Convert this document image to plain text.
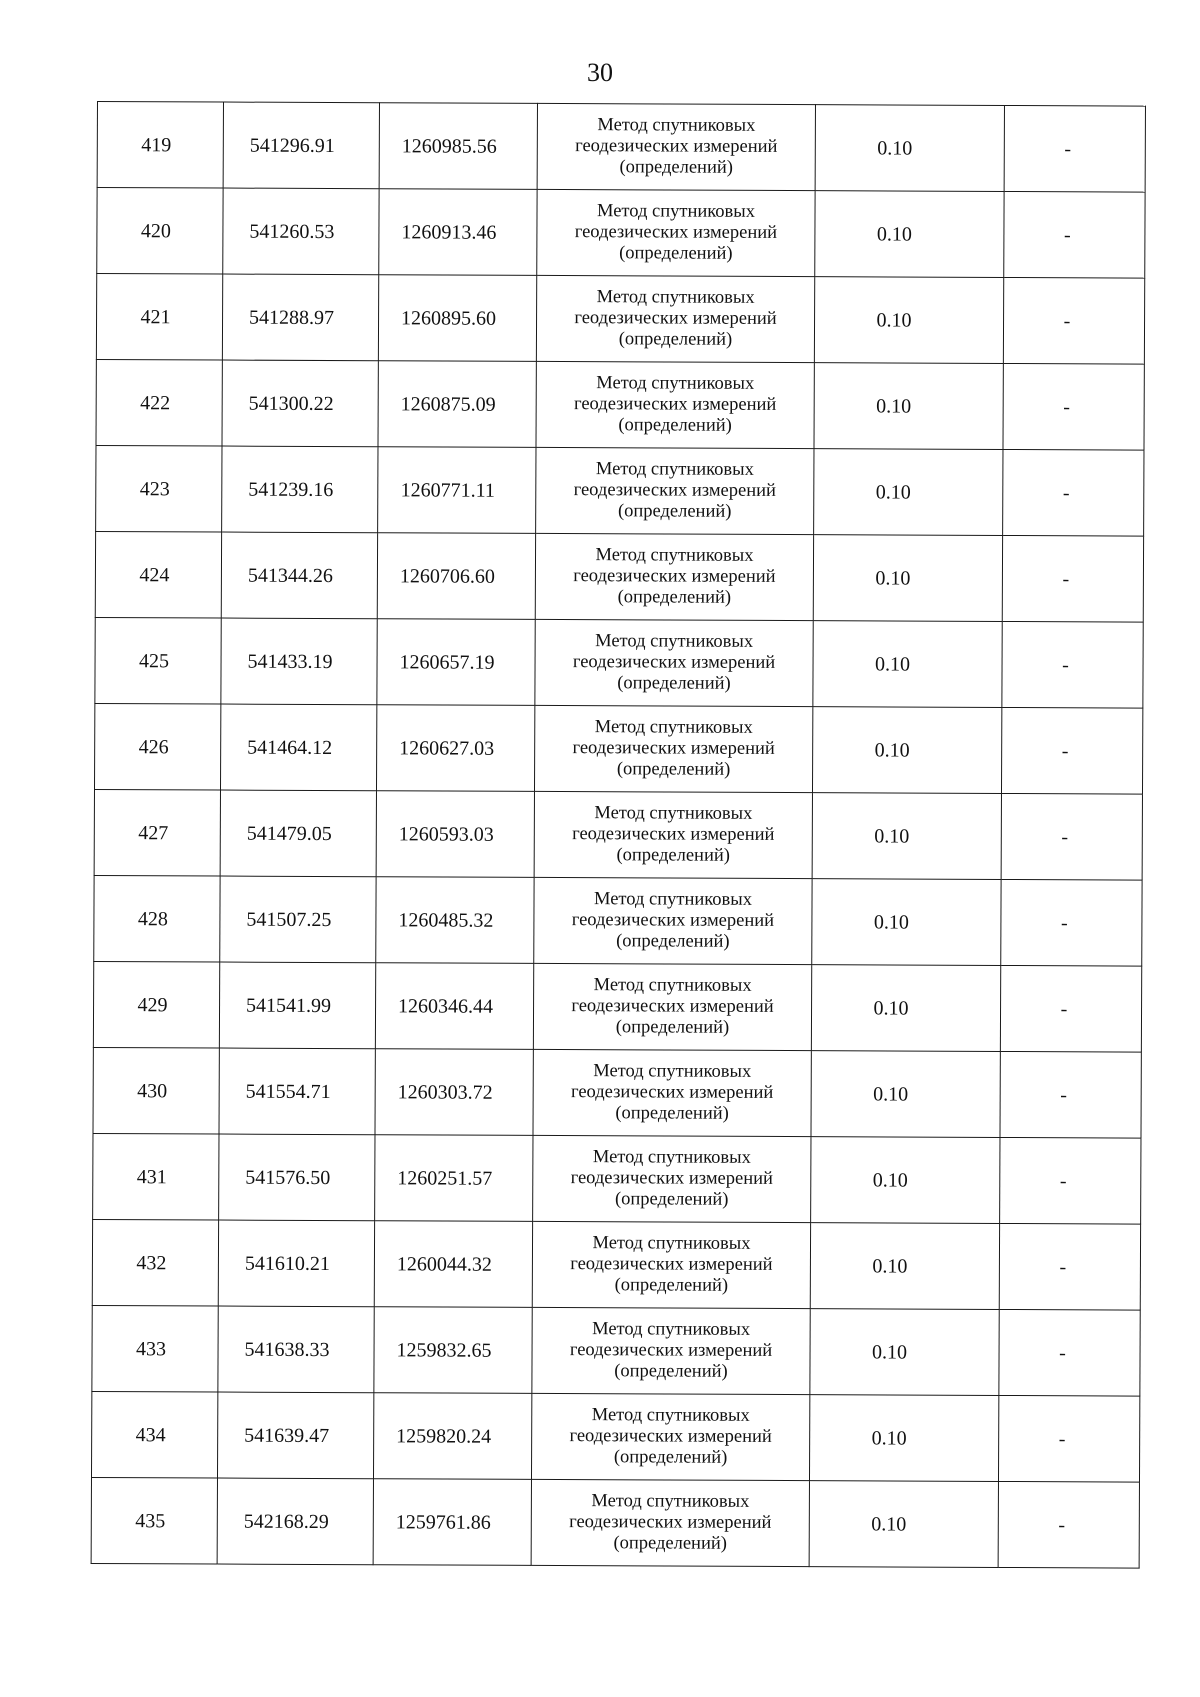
30
419	541296.91	1260985.56	Метод спутниковых
геодезических измерений
(определений)	0.10	-
420	541260.53	1260913.46	Метод спутниковых
геодезических измерений
(определений)	0.10	-
421	541288.97	1260895.60	Метод спутниковых
геодезических измерений
(определений)	0.10	-
422	541300.22	1260875.09	Метод спутниковых
геодезических измерений
(определений)	0.10	-
423	541239.16	1260771.11	Метод спутниковых
геодезических измерений
(определений)	0.10	-
424	541344.26	1260706.60	Метод спутниковых
геодезических измерений
(определений)	0.10	-
425	541433.19	1260657.19	Метод спутниковых
геодезических измерений
(определений)	0.10	-
426	541464.12	1260627.03	Метод спутниковых
геодезических измерений
(определений)	0.10	-
427	541479.05	1260593.03	Метод спутниковых
геодезических измерений
(определений)	0.10	-
428	541507.25	1260485.32	Метод спутниковых
геодезических измерений
(определений)	0.10	-
429	541541.99	1260346.44	Метод спутниковых
геодезических измерений
(определений)	0.10	-
430	541554.71	1260303.72	Метод спутниковых
геодезических измерений
(определений)	0.10	-
431	541576.50	1260251.57	Метод спутниковых
геодезических измерений
(определений)	0.10	-
432	541610.21	1260044.32	Метод спутниковых
геодезических измерений
(определений)	0.10	-
433	541638.33	1259832.65	Метод спутниковых
геодезических измерений
(определений)	0.10	-
434	541639.47	1259820.24	Метод спутниковых
геодезических измерений
(определений)	0.10	-
435	542168.29	1259761.86	Метод спутниковых
геодезических измерений
(определений)	0.10	-
